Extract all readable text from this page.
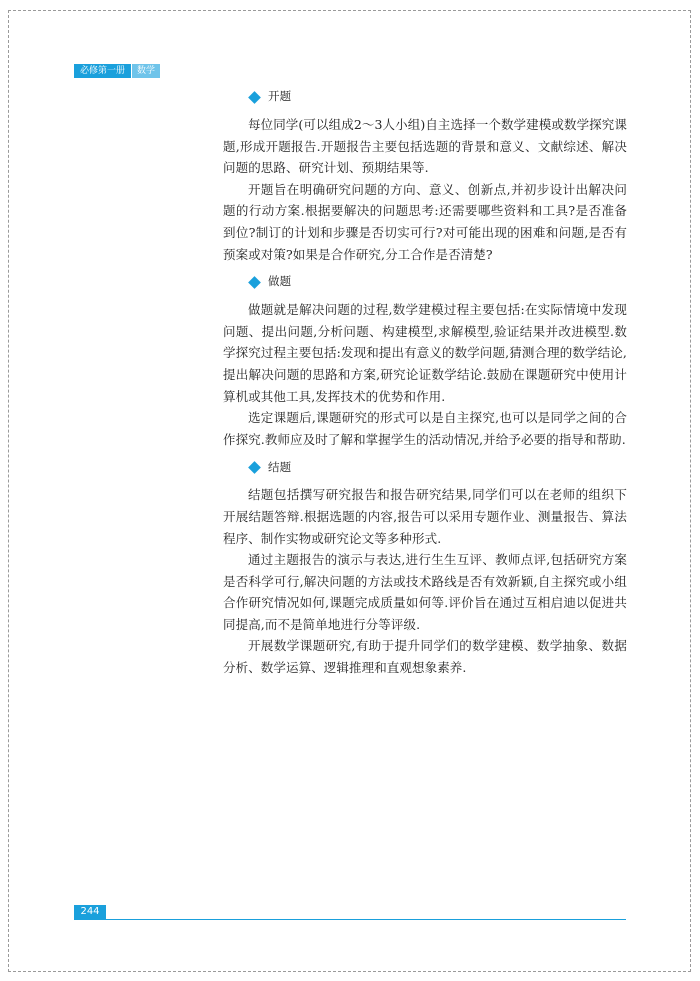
必修第一册	数学
开题

每位同学(可以组成2～3人小组)自主选择一个数学建模或数学探究课题,形成开题报告.开题报告主要包括选题的背景和意义、文献综述、解决问题的思路、研究计划、预期结果等.

开题旨在明确研究问题的方向、意义、创新点,并初步设计出解决问题的行动方案.根据要解决的问题思考:还需要哪些资料和工具?是否准备到位?制订的计划和步骤是否切实可行?对可能出现的困难和问题,是否有预案或对策?如果是合作研究,分工合作是否清楚?

做题

做题就是解决问题的过程,数学建模过程主要包括:在实际情境中发现问题、提出问题,分析问题、构建模型,求解模型,验证结果并改进模型.数学探究过程主要包括:发现和提出有意义的数学问题,猜测合理的数学结论,提出解决问题的思路和方案,研究论证数学结论.鼓励在课题研究中使用计算机或其他工具,发挥技术的优势和作用.

选定课题后,课题研究的形式可以是自主探究,也可以是同学之间的合作探究.教师应及时了解和掌握学生的活动情况,并给予必要的指导和帮助.

结题

结题包括撰写研究报告和报告研究结果,同学们可以在老师的组织下开展结题答辩.根据选题的内容,报告可以采用专题作业、测量报告、算法程序、制作实物或研究论文等多种形式.

通过主题报告的演示与表达,进行生生互评、教师点评,包括研究方案是否科学可行,解决问题的方法或技术路线是否有效新颖,自主探究或小组合作研究情况如何,课题完成质量如何等.评价旨在通过互相启迪以促进共同提高,而不是简单地进行分等评级.

开展数学课题研究,有助于提升同学们的数学建模、数学抽象、数据分析、数学运算、逻辑推理和直观想象素养.

244
